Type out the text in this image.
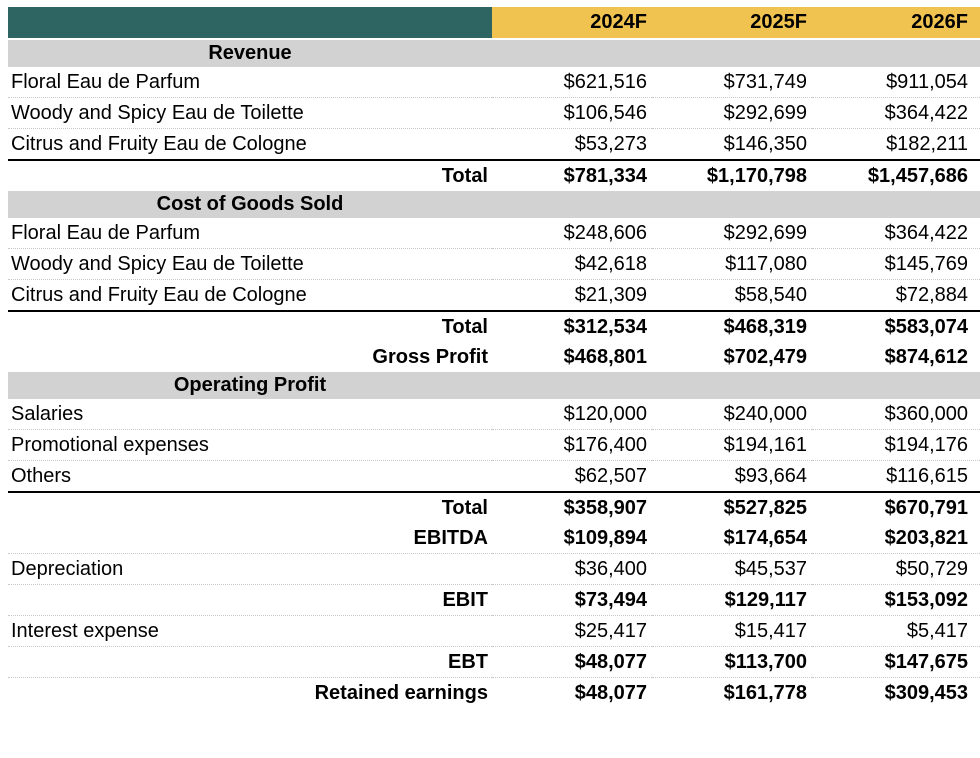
	2024F	2025F	2026F

Revenue			
Floral Eau de Parfum	$621,516	$731,749	$911,054
Woody and Spicy Eau de Toilette	$106,546	$292,699	$364,422
Citrus and Fruity Eau de Cologne	$53,273	$146,350	$182,211
Total	$781,334	$1,170,798	$1,457,686
Cost of Goods Sold			
Floral Eau de Parfum	$248,606	$292,699	$364,422
Woody and Spicy Eau de Toilette	$42,618	$117,080	$145,769
Citrus and Fruity Eau de Cologne	$21,309	$58,540	$72,884
Total	$312,534	$468,319	$583,074
Gross Profit	$468,801	$702,479	$874,612
Operating Profit			
Salaries	$120,000	$240,000	$360,000
Promotional expenses	$176,400	$194,161	$194,176
Others	$62,507	$93,664	$116,615
Total	$358,907	$527,825	$670,791
EBITDA	$109,894	$174,654	$203,821
Depreciation	$36,400	$45,537	$50,729
EBIT	$73,494	$129,117	$153,092
Interest expense	$25,417	$15,417	$5,417
EBT	$48,077	$113,700	$147,675
Retained earnings	$48,077	$161,778	$309,453
